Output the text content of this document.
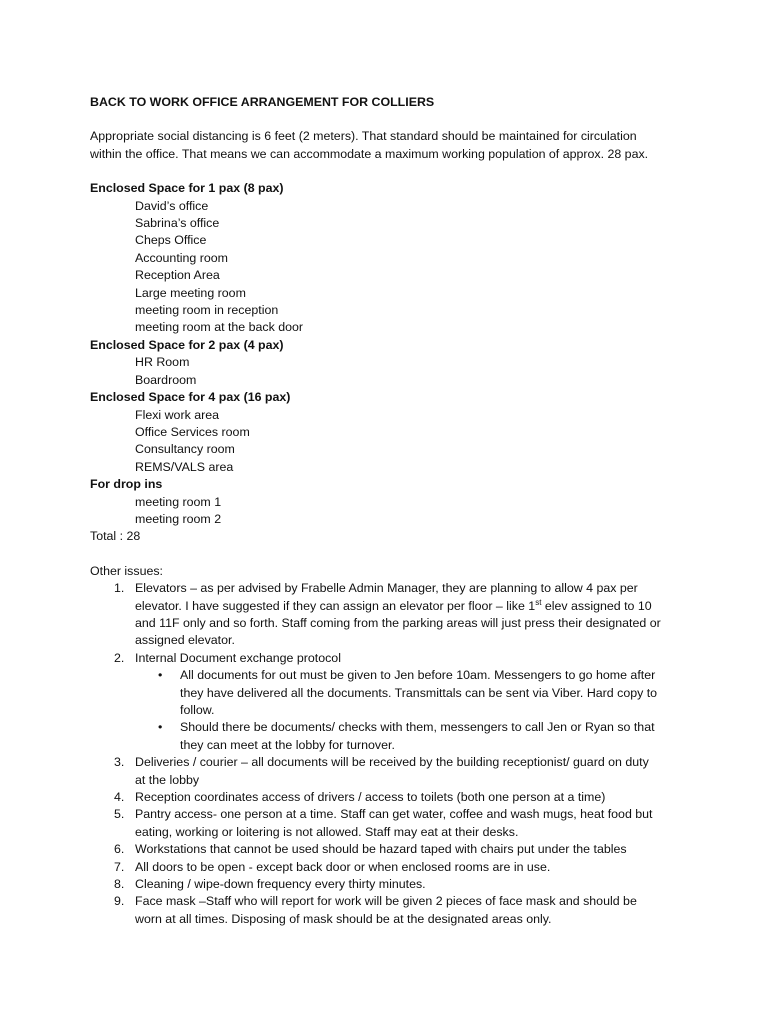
BACK TO WORK OFFICE ARRANGEMENT FOR COLLIERS

Appropriate social distancing is 6 feet (2 meters). That standard should be maintained for circulation

within the office. That means we can accommodate a maximum working population of approx. 28 pax.

Enclosed Space for 1 pax (8 pax)

David’s office

Sabrina’s office

Cheps Office

Accounting room

Reception Area

Large meeting room

meeting room in reception

meeting room at the back door

Enclosed Space for 2 pax (4 pax)

HR Room

Boardroom

Enclosed Space for 4 pax (16 pax)

Flexi work area

Office Services room

Consultancy room

REMS/VALS area

For drop ins

meeting room 1

meeting room 2

Total : 28

Other issues:

1. Elevators – as per advised by Frabelle Admin Manager, they are planning to allow 4 pax per
elevator. I have suggested if they can assign an elevator per floor – like 1st elev assigned to 10
and 11F only and so forth. Staff coming from the parking areas will just press their designated or
assigned elevator.
2. Internal Document exchange protocol
• All documents for out must be given to Jen before 10am. Messengers to go home after
they have delivered all the documents. Transmittals can be sent via Viber. Hard copy to
follow.
• Should there be documents/ checks with them, messengers to call Jen or Ryan so that
they can meet at the lobby for turnover.
3. Deliveries / courier – all documents will be received by the building receptionist/ guard on duty
at the lobby
4. Reception coordinates access of drivers / access to toilets (both one person at a time)
5. Pantry access- one person at a time. Staff can get water, coffee and wash mugs, heat food but
eating, working or loitering is not allowed. Staff may eat at their desks.
6. Workstations that cannot be used should be hazard taped with chairs put under the tables
7. All doors to be open - except back door or when enclosed rooms are in use.
8. Cleaning / wipe-down frequency every thirty minutes.
9. Face mask –Staff who will report for work will be given 2 pieces of face mask and should be
worn at all times. Disposing of mask should be at the designated areas only.
